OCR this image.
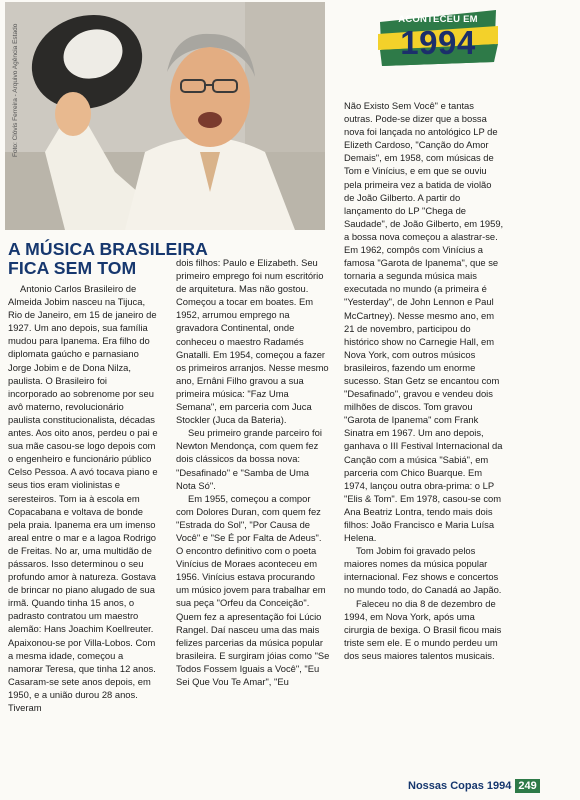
ACONTECEU EM
1994
A MÚSICA BRASILEIRA
FICA SEM TOM

Antonio Carlos Brasileiro de Almeida Jobim nasceu na Tijuca, Rio de Janeiro, em 15 de janeiro de 1927. Um ano depois, sua família mudou para Ipanema. Era filho do diplomata gaúcho e parnasiano Jorge Jobim e de Dona Nilza, paulista. O Brasileiro foi incorporado ao sobrenome por seu avô materno, revolucionário paulista constitucionalista, décadas antes. Aos oito anos, perdeu o pai e sua mãe casou-se logo depois com o engenheiro e funcionário público Celso Pessoa. A avó tocava piano e seus tios eram violinistas e seresteiros. Tom ia à escola em Copacabana e voltava de bonde pela praia. Ipanema era um imenso areal entre o mar e a lagoa Rodrigo de Freitas. No ar, uma multidão de pássaros. Isso determinou o seu profundo amor à natureza. Gostava de brincar no piano alugado de sua irmã. Quando tinha 15 anos, o padrasto contratou um maestro alemão: Hans Joachim Koellreuter. Apaixonou-se por Villa-Lobos. Com a mesma idade, começou a namorar Teresa, que tinha 12 anos. Casaram-se sete anos depois, em 1950, e a união durou 28 anos. Tiveram

dois filhos: Paulo e Elizabeth. Seu primeiro emprego foi num escritório de arquitetura. Mas não gostou. Começou a tocar em boates. Em 1952, arrumou emprego na gravadora Continental, onde conheceu o maestro Radamés Gnatalli. Em 1954, começou a fazer os primeiros arranjos. Nesse mesmo ano, Ernâni Filho gravou a sua primeira música: "Faz Uma Semana", em parceria com Juca Stockler (Juca da Bateria).

Seu primeiro grande parceiro foi Newton Mendonça, com quem fez dois clássicos da bossa nova: "Desafinado" e "Samba de Uma Nota Só".

Em 1955, começou a compor com Dolores Duran, com quem fez "Estrada do Sol", "Por Causa de Você" e "Se É por Falta de Adeus". O encontro definitivo com o poeta Vinícius de Moraes aconteceu em 1956. Vinícius estava procurando um músico jovem para trabalhar em sua peça "Orfeu da Conceição". Quem fez a apresentação foi Lúcio Rangel. Daí nasceu uma das mais felizes parcerias da música popular brasileira. E surgiram jóias como "Se Todos Fossem Iguais a Você", "Eu Sei Que Vou Te Amar", "Eu

Não Existo Sem Você" e tantas outras. Pode-se dizer que a bossa nova foi lançada no antológico LP de Elizeth Cardoso, "Canção do Amor Demais", em 1958, com músicas de Tom e Vinícius, e em que se ouviu pela primeira vez a batida de violão de João Gilberto. A partir do lançamento do LP "Chega de Saudade", de João Gilberto, em 1959, a bossa nova começou a alastrar-se. Em 1962, compôs com Vinícius a famosa "Garota de Ipanema", que se tornaria a segunda música mais executada no mundo (a primeira é "Yesterday", de John Lennon e Paul McCartney). Nesse mesmo ano, em 21 de novembro, participou do histórico show no Carnegie Hall, em Nova York, com outros músicos brasileiros, fazendo um enorme sucesso. Stan Getz se encantou com "Desafinado", gravou e vendeu dois milhões de discos. Tom gravou "Garota de Ipanema" com Frank Sinatra em 1967. Um ano depois, ganhava o III Festival Internacional da Canção com a música "Sabiá", em parceria com Chico Buarque. Em 1974, lançou outra obra-prima: o LP "Elis & Tom". Em 1978, casou-se com Ana Beatriz Lontra, tendo mais dois filhos: João Francisco e Maria Luísa Helena.

Tom Jobim foi gravado pelos maiores nomes da música popular internacional. Fez shows e concertos no mundo todo, do Canadá ao Japão.

Faleceu no dia 8 de dezembro de 1994, em Nova York, após uma cirurgia de bexiga. O Brasil ficou mais triste sem ele. E o mundo perdeu um dos seus maiores talentos musicais.

Nossas Copas 1994 249
